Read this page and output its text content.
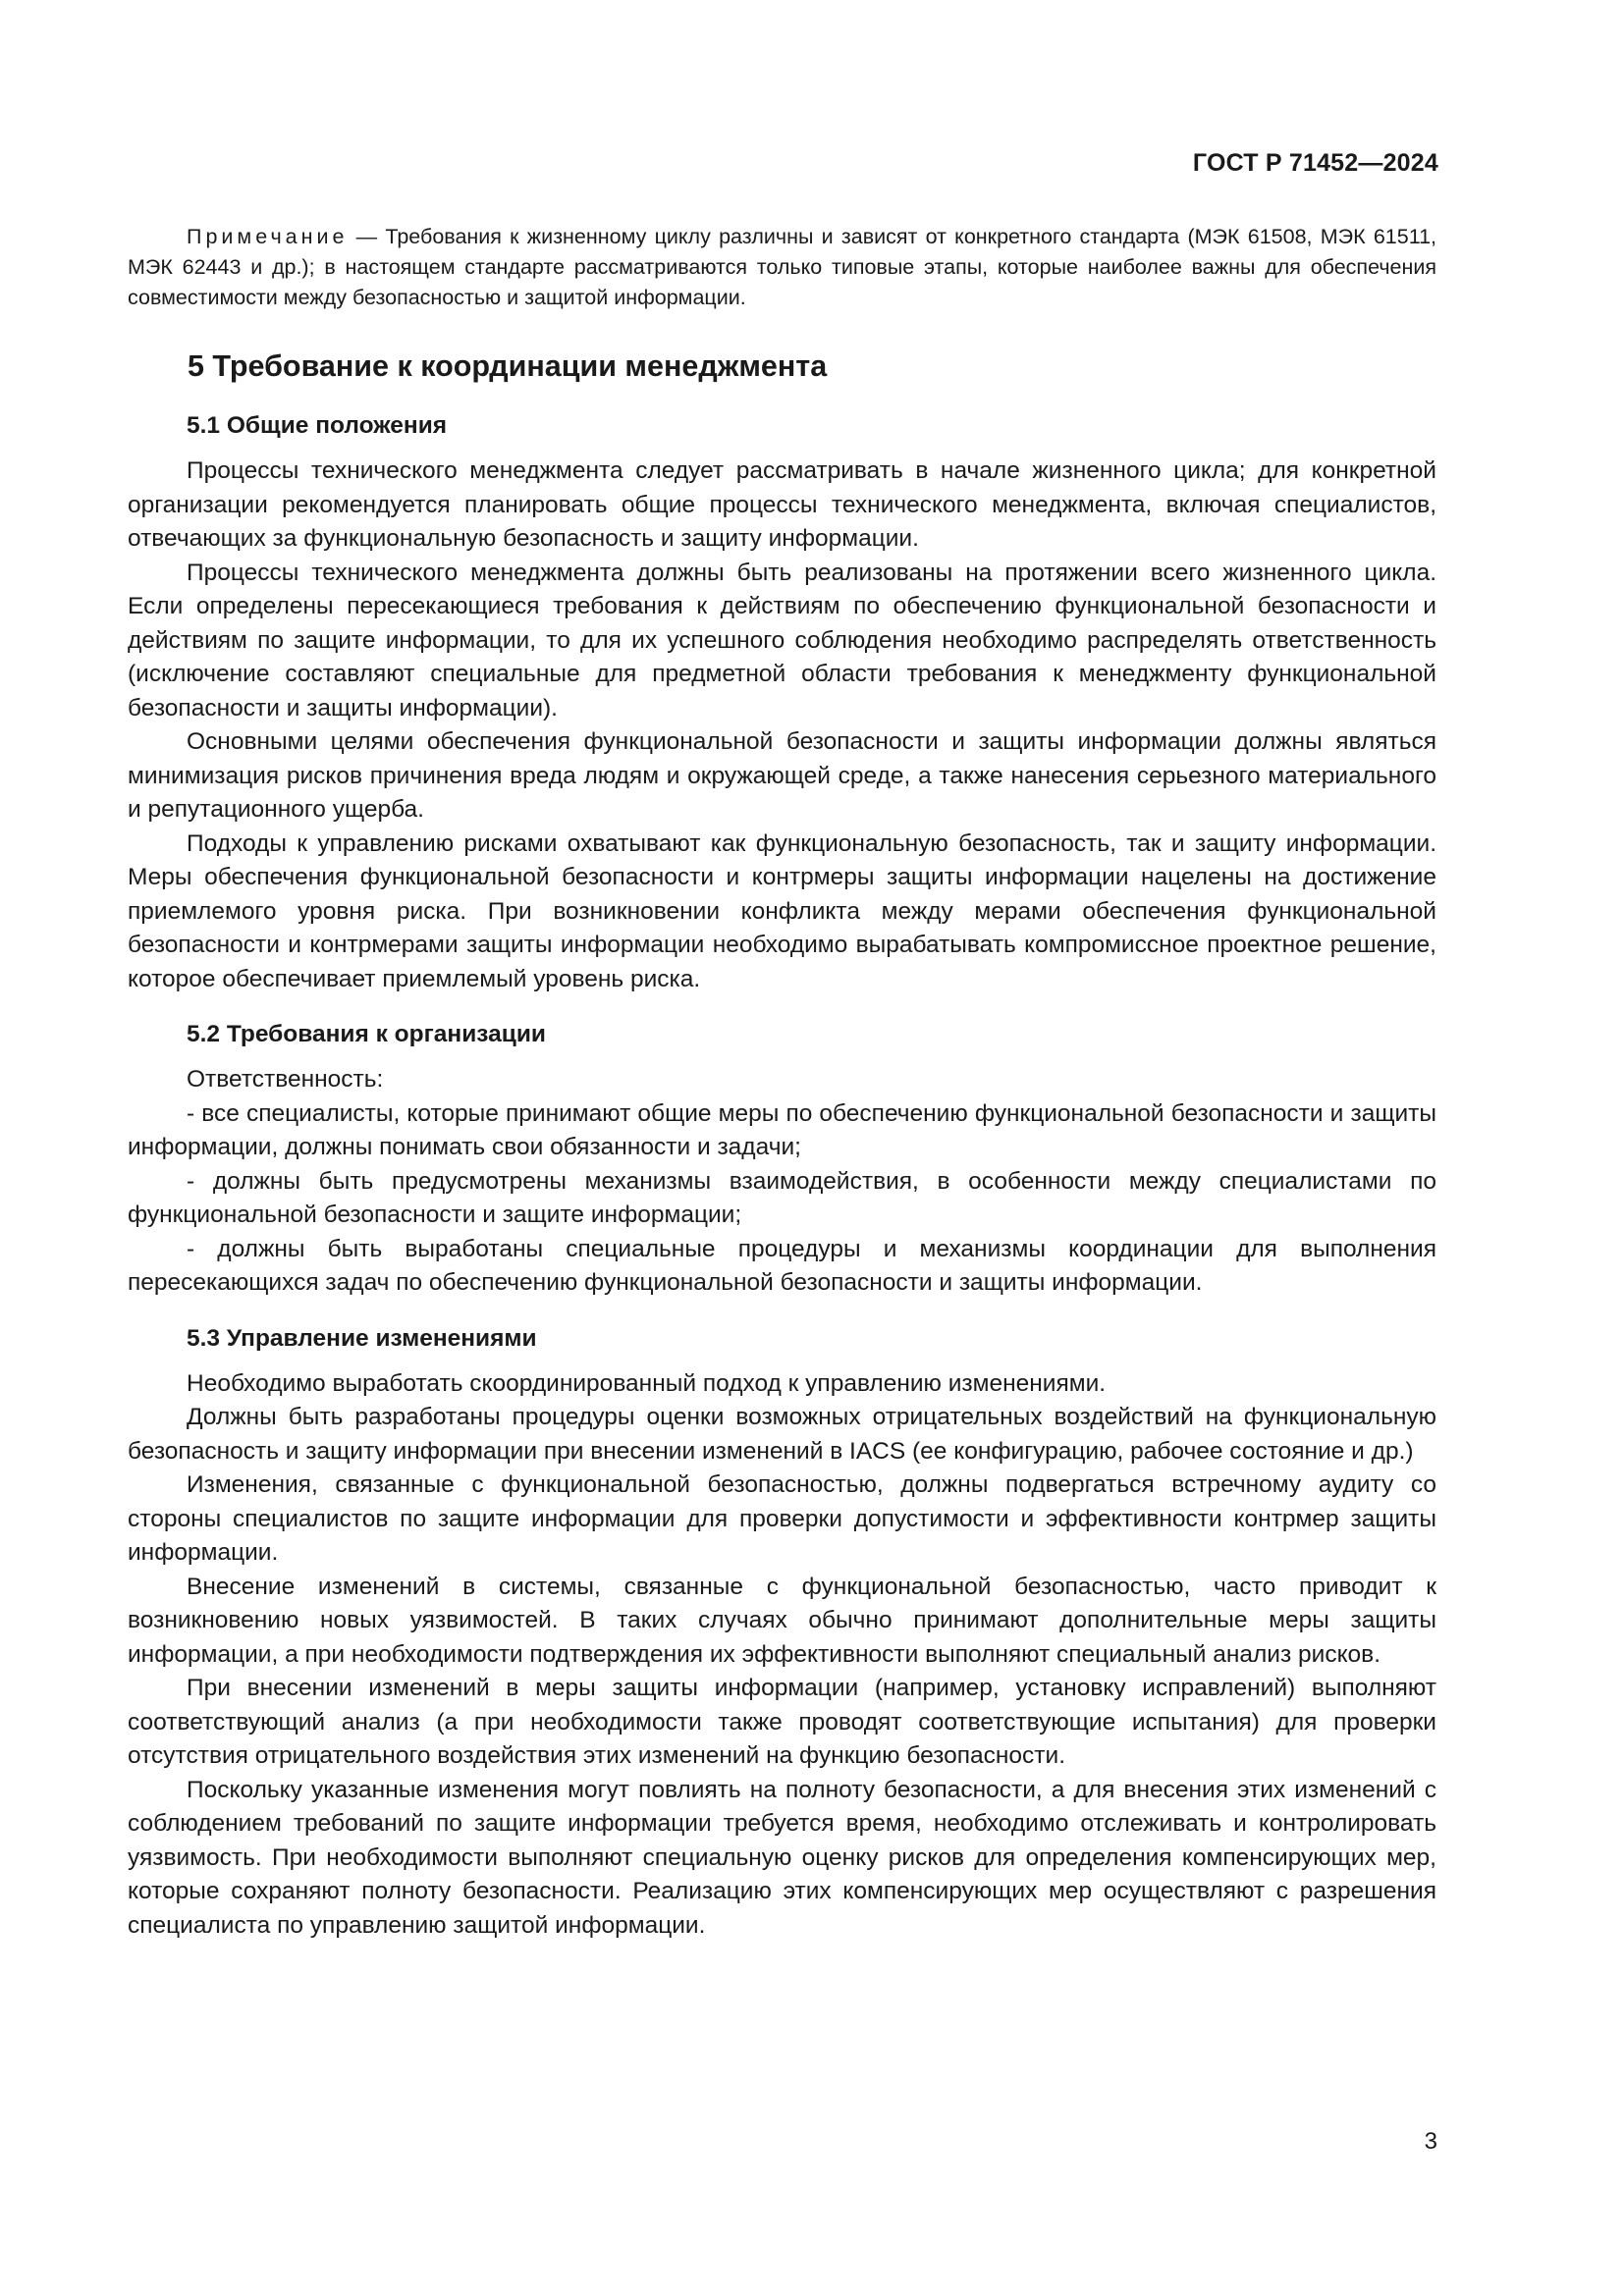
ГОСТ Р 71452—2024

Примечание — Требования к жизненному циклу различны и зависят от конкретного стандарта (МЭК 61508, МЭК 61511, МЭК 62443 и др.); в настоящем стандарте рассматриваются только типовые этапы, которые наиболее важны для обеспечения совместимости между безопасностью и защитой информации.

5 Требование к координации менеджмента
5.1 Общие положения

Процессы технического менеджмента следует рассматривать в начале жизненного цикла; для конкретной организации рекомендуется планировать общие процессы технического менеджмента, включая специалистов, отвечающих за функциональную безопасность и защиту информации.

Процессы технического менеджмента должны быть реализованы на протяжении всего жизненного цикла. Если определены пересекающиеся требования к действиям по обеспечению функциональной безопасности и действиям по защите информации, то для их успешного соблюдения необходимо распределять ответственность (исключение составляют специальные для предметной области требования к менеджменту функциональной безопасности и защиты информации).

Основными целями обеспечения функциональной безопасности и защиты информации должны являться минимизация рисков причинения вреда людям и окружающей среде, а также нанесения серьезного материального и репутационного ущерба.

Подходы к управлению рисками охватывают как функциональную безопасность, так и защиту информации. Меры обеспечения функциональной безопасности и контрмеры защиты информации нацелены на достижение приемлемого уровня риска. При возникновении конфликта между мерами обеспечения функциональной безопасности и контрмерами защиты информации необходимо вырабатывать компромиссное проектное решение, которое обеспечивает приемлемый уровень риска.

5.2 Требования к организации

Ответственность:

- все специалисты, которые принимают общие меры по обеспечению функциональной безопасности и защиты информации, должны понимать свои обязанности и задачи;

- должны быть предусмотрены механизмы взаимодействия, в особенности между специалистами по функциональной безопасности и защите информации;

- должны быть выработаны специальные процедуры и механизмы координации для выполнения пересекающихся задач по обеспечению функциональной безопасности и защиты информации.

5.3 Управление изменениями

Необходимо выработать скоординированный подход к управлению изменениями.

Должны быть разработаны процедуры оценки возможных отрицательных воздействий на функциональную безопасность и защиту информации при внесении изменений в IACS (ее конфигурацию, рабочее состояние и др.)

Изменения, связанные с функциональной безопасностью, должны подвергаться встречному аудиту со стороны специалистов по защите информации для проверки допустимости и эффективности контрмер защиты информации.

Внесение изменений в системы, связанные с функциональной безопасностью, часто приводит к возникновению новых уязвимостей. В таких случаях обычно принимают дополнительные меры защиты информации, а при необходимости подтверждения их эффективности выполняют специальный анализ рисков.

При внесении изменений в меры защиты информации (например, установку исправлений) выполняют соответствующий анализ (а при необходимости также проводят соответствующие испытания) для проверки отсутствия отрицательного воздействия этих изменений на функцию безопасности.

Поскольку указанные изменения могут повлиять на полноту безопасности, а для внесения этих изменений с соблюдением требований по защите информации требуется время, необходимо отслеживать и контролировать уязвимость. При необходимости выполняют специальную оценку рисков для определения компенсирующих мер, которые сохраняют полноту безопасности. Реализацию этих компенсирующих мер осуществляют с разрешения специалиста по управлению защитой информации.

3
